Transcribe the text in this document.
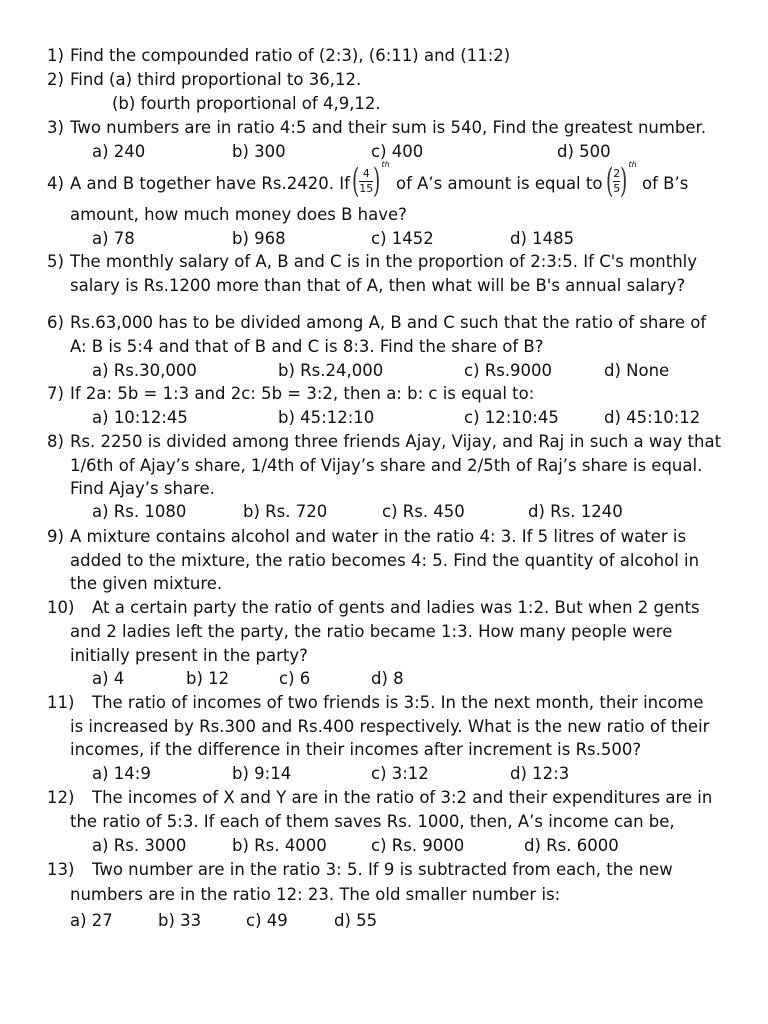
1) Find the compounded ratio of (2:3), (6:11) and (11:2)
2) Find (a) third proportional to 36,12.
(b) fourth proportional of 4,9,12.
3) Two numbers are in ratio 4:5 and their sum is 540, Find the greatest number.
a) 240	b) 300	c) 400	d) 500
4) A and B together have Rs.2420. If ( $\frac{4}{15}$ ) th
of A’s amount is equal to ( $\frac{2}{5}$ ) th
of B’s
amount, how much money does B have?
a) 78	b) 968	c) 1452	d) 1485
5) The monthly salary of A, B and C is in the proportion of 2:3:5. If C's monthly
salary is Rs.1200 more than that of A, then what will be B's annual salary?
6) Rs.63,000 has to be divided among A, B and C such that the ratio of share of
A: B is 5:4 and that of B and C is 8:3. Find the share of B?
a) Rs.30,000	b) Rs.24,000	c) Rs.9000	d) None
7) If 2a: 5b = 1:3 and 2c: 5b = 3:2, then a: b: c is equal to:
a) 10:12:45	b) 45:12:10	c) 12:10:45	d) 45:10:12
8) Rs. 2250 is divided among three friends Ajay, Vijay, and Raj in such a way that
1/6th of Ajay’s share, 1/4th of Vijay’s share and 2/5th of Raj’s share is equal.
Find Ajay’s share.
a) Rs. 1080	b) Rs. 720	c) Rs. 450	d) Rs. 1240
9) A mixture contains alcohol and water in the ratio 4: 3. If 5 litres of water is
added to the mixture, the ratio becomes 4: 5. Find the quantity of alcohol in
the given mixture.
10) At a certain party the ratio of gents and ladies was 1:2. But when 2 gents
and 2 ladies left the party, the ratio became 1:3. How many people were
initially present in the party?
a) 4	b) 12	c) 6	d) 8
11) The ratio of incomes of two friends is 3:5. In the next month, their income
is increased by Rs.300 and Rs.400 respectively. What is the new ratio of their
incomes, if the difference in their incomes after increment is Rs.500?
a) 14:9	b) 9:14	c) 3:12	d) 12:3
12) The incomes of X and Y are in the ratio of 3:2 and their expenditures are in
the ratio of 5:3. If each of them saves Rs. 1000, then, A’s income can be,
a) Rs. 3000	b) Rs. 4000	c) Rs. 9000	d) Rs. 6000
13) Two number are in the ratio 3: 5. If 9 is subtracted from each, the new
numbers are in the ratio 12: 23. The old smaller number is:
a) 27	b) 33	c) 49	d) 55
